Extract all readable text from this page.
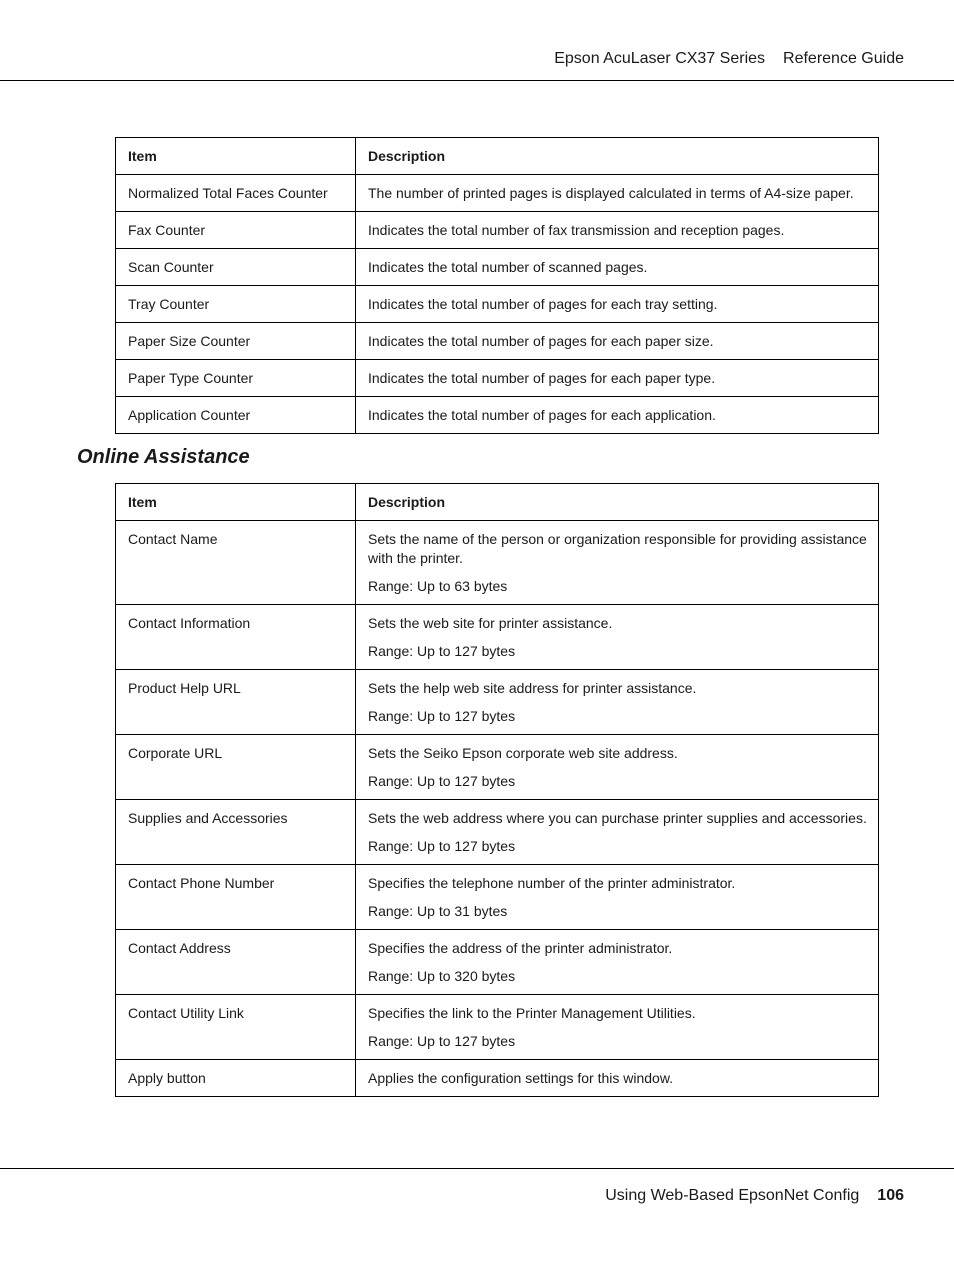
Epson AcuLaser CX37 Series Reference Guide
Item	Description
Normalized Total Faces Counter	The number of printed pages is displayed calculated in terms of A4-size paper.

Fax Counter	Indicates the total number of fax transmission and reception pages.

Scan Counter	Indicates the total number of scanned pages.

Tray Counter	Indicates the total number of pages for each tray setting.

Paper Size Counter	Indicates the total number of pages for each paper size.

Paper Type Counter	Indicates the total number of pages for each paper type.

Application Counter	Indicates the total number of pages for each application.

Online Assistance
Item	Description
Contact Name	Sets the name of the person or organization responsible for providing assistance with the printer.

Range: Up to 63 bytes

Contact Information	Sets the web site for printer assistance.

Range: Up to 127 bytes

Product Help URL	Sets the help web site address for printer assistance.

Range: Up to 127 bytes

Corporate URL	Sets the Seiko Epson corporate web site address.

Range: Up to 127 bytes

Supplies and Accessories	Sets the web address where you can purchase printer supplies and accessories.

Range: Up to 127 bytes

Contact Phone Number	Specifies the telephone number of the printer administrator.

Range: Up to 31 bytes

Contact Address	Specifies the address of the printer administrator.

Range: Up to 320 bytes

Contact Utility Link	Specifies the link to the Printer Management Utilities.

Range: Up to 127 bytes

Apply button	Applies the configuration settings for this window.

Using Web-Based EpsonNet Config 106
